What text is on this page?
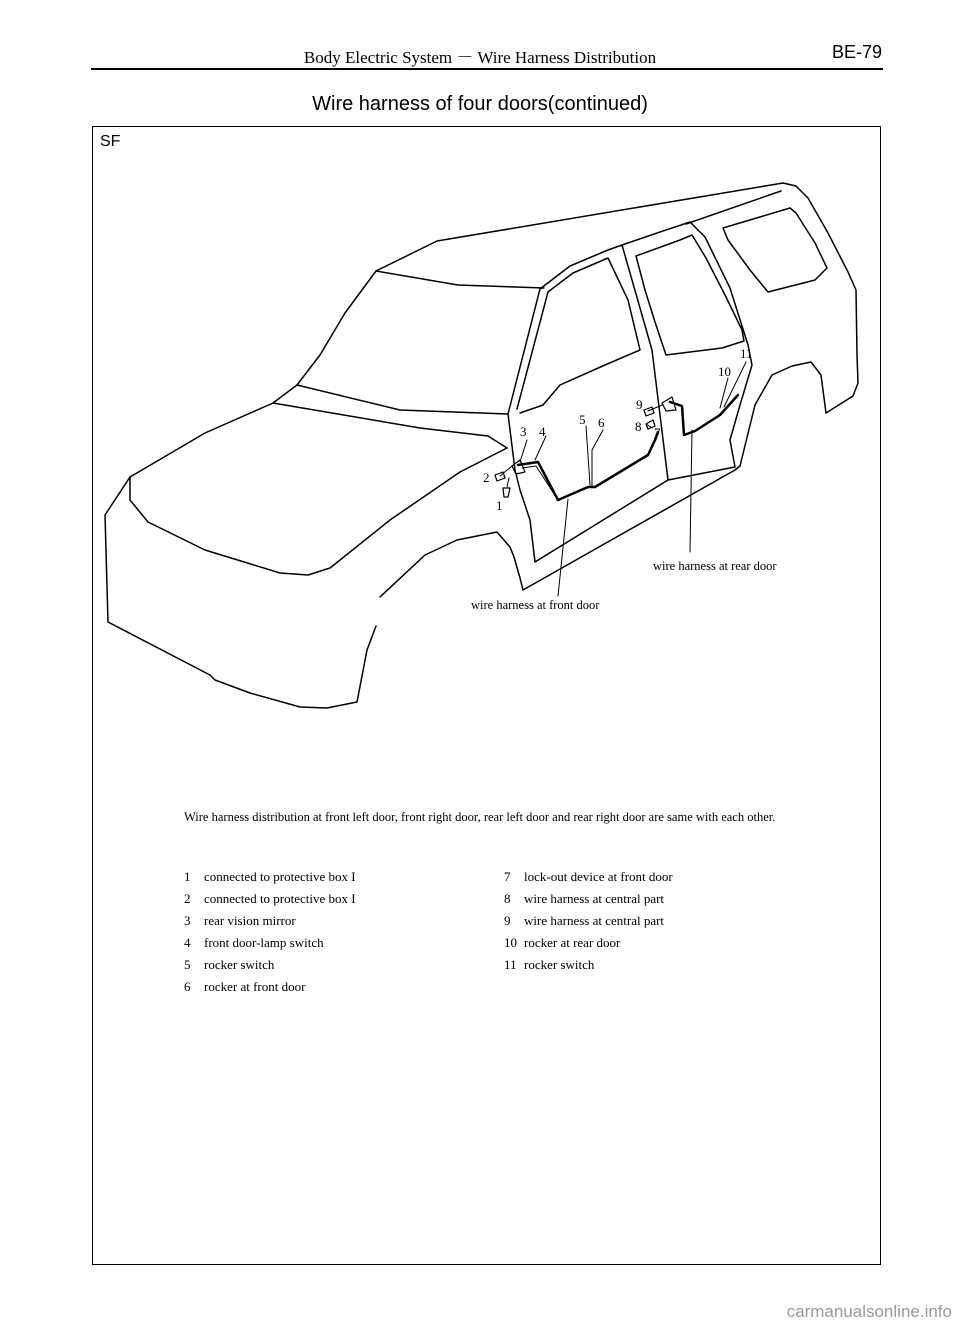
Body Electric System － Wire Harness Distribution	BE-79
Wire harness of four doors(continued)
SF
1
2
3 4
5 6
7
8
9
10
11
wire harness at front door
wire harness at rear door
Wire harness distribution at front left door, front right door, rear left door and rear right door are same with each other.
1 connected to protective box I
2 connected to protective box I
3 rear vision mirror
4 front door-lamp switch
5 rocker switch
6 rocker at front door
7 lock-out device at front door
8 wire harness at central part
9 wire harness at central part
10 rocker at rear door
11 rocker switch
carmanualsonline.info
